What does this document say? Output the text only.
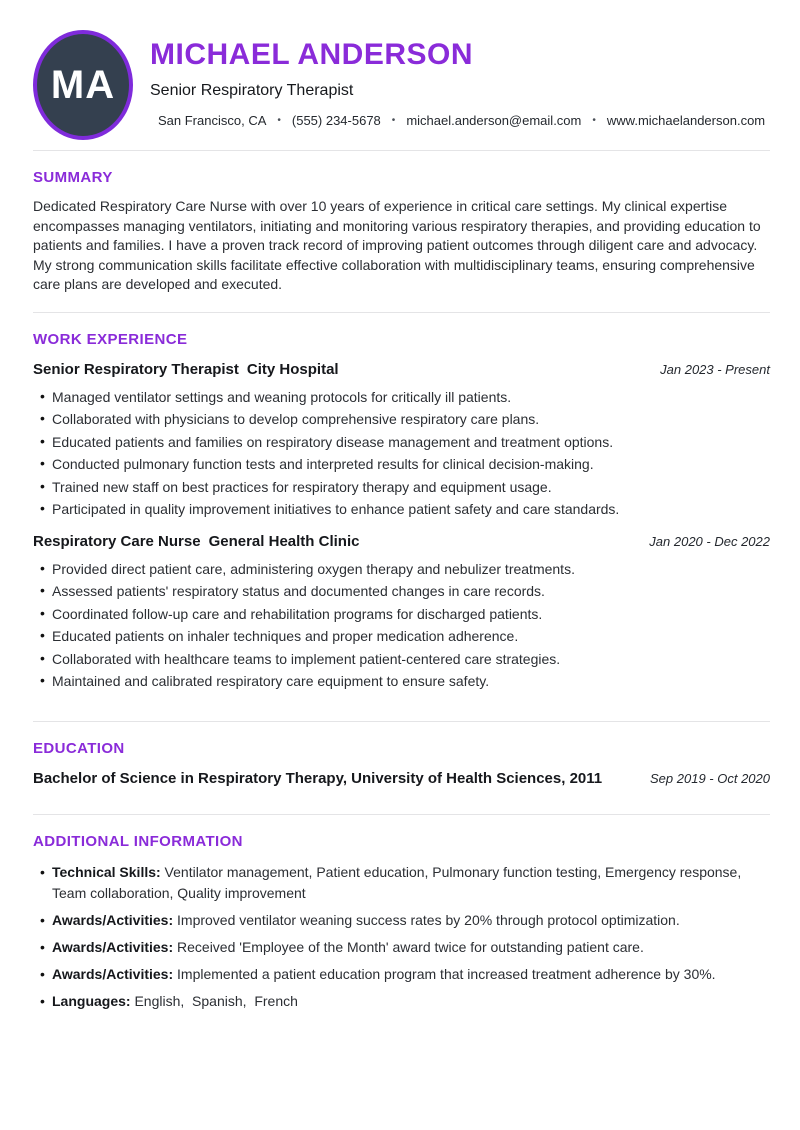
MA
MICHAEL ANDERSON
Senior Respiratory Therapist
San Francisco, CA • (555) 234-5678 • michael.anderson@email.com • www.michaelanderson.com
SUMMARY

Dedicated Respiratory Care Nurse with over 10 years of experience in critical care settings. My clinical expertise encompasses managing ventilators, initiating and monitoring various respiratory therapies, and providing education to patients and families. I have a proven track record of improving patient outcomes through diligent care and advocacy. My strong communication skills facilitate effective collaboration with multidisciplinary teams, ensuring comprehensive care plans are developed and executed.

WORK EXPERIENCE
Senior Respiratory Therapist City Hospital	Jan 2023 - Present
• Managed ventilator settings and weaning protocols for critically ill patients.
• Collaborated with physicians to develop comprehensive respiratory care plans.
• Educated patients and families on respiratory disease management and treatment options.
• Conducted pulmonary function tests and interpreted results for clinical decision-making.
• Trained new staff on best practices for respiratory therapy and equipment usage.
• Participated in quality improvement initiatives to enhance patient safety and care standards.
Respiratory Care Nurse General Health Clinic	Jan 2020 - Dec 2022
• Provided direct patient care, administering oxygen therapy and nebulizer treatments.
• Assessed patients' respiratory status and documented changes in care records.
• Coordinated follow-up care and rehabilitation programs for discharged patients.
• Educated patients on inhaler techniques and proper medication adherence.
• Collaborated with healthcare teams to implement patient-centered care strategies.
• Maintained and calibrated respiratory care equipment to ensure safety.
EDUCATION
Bachelor of Science in Respiratory Therapy, University of Health Sciences, 2011	Sep 2019 - Oct 2020
ADDITIONAL INFORMATION
• Technical Skills: Ventilator management, Patient education, Pulmonary function testing, Emergency response, Team collaboration, Quality improvement
• Awards/Activities: Improved ventilator weaning success rates by 20% through protocol optimization.
• Awards/Activities: Received 'Employee of the Month' award twice for outstanding patient care.
• Awards/Activities: Implemented a patient education program that increased treatment adherence by 30%.
• Languages: English,  Spanish,  French
